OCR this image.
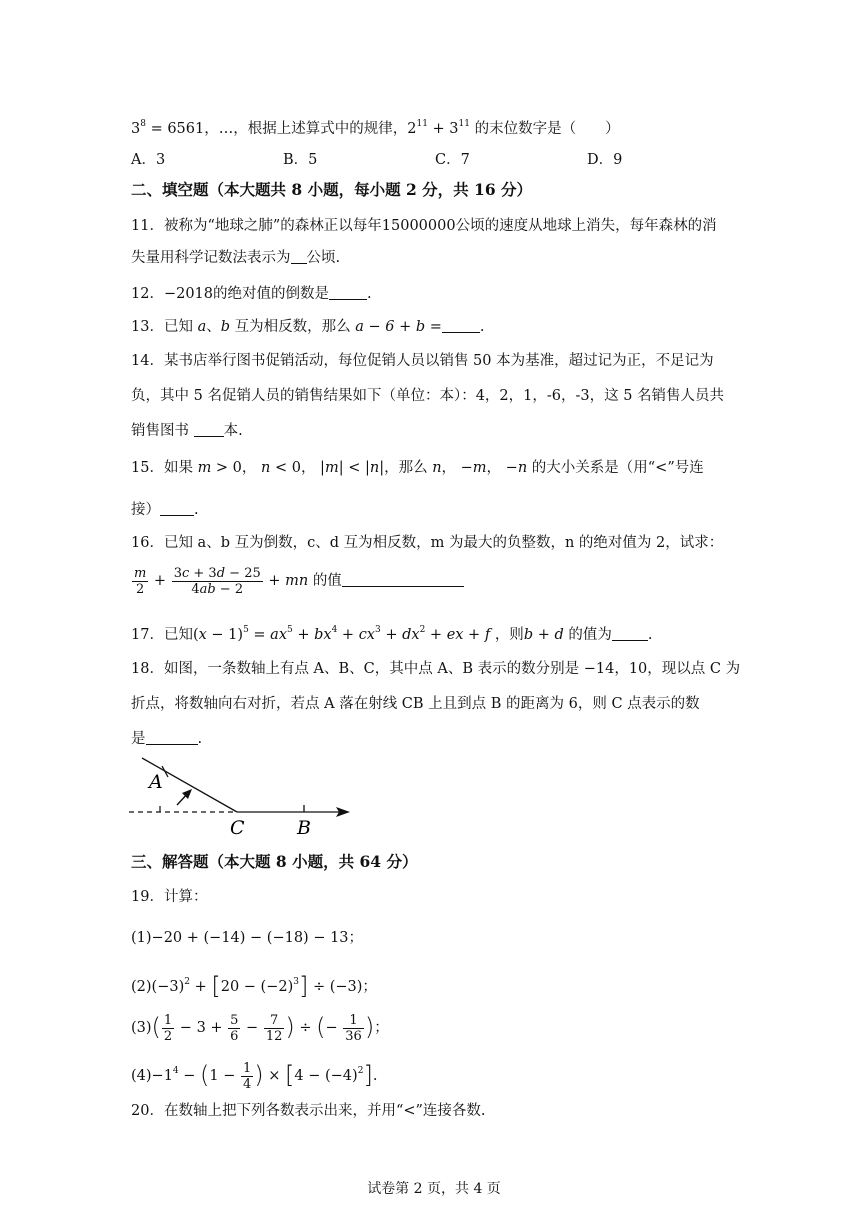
$3^8 = 6561$，…，根据上述算式中的规律，$2^{11} + 3^{11}$ 的末位数字是（　　）
A．3	B．5	C．7	D．9
二、填空题（本大题共 8 小题，每小题 2 分，共 16 分）
11．被称为“地球之肺”的森林正以每年15000000公顷的速度从地球上消失，每年森林的消
失量用科学记数法表示为 公顷.
12．−2018的绝对值的倒数是	.
13．已知 a、b 互为相反数，那么 a − 6 + b =	.
14．某书店举行图书促销活动，每位促销人员以销售 50 本为基准，超过记为正，不足记为
负，其中 5 名促销人员的销售结果如下（单位：本）：4，2，1，-6，-3，这 5 名销售人员共
销售图书 本.
15．如果 m > 0， n < 0， |m| < |n|，那么 n， −m， −n 的大小关系是（用“<”号连
接） .
16．已知 a、b 互为倒数，c、d 互为相反数，m 为最大的负整数，n 的绝对值为 2，试求：
$\frac{m}{2} + \frac{3c + 3d - 25}{4ab - 2}$ + mn 的值
17．已知$(x - 1)^5 = ax^5 + bx^4 + cx^3 + dx^2$ + ex + f ，则b + d 的值为 .
18．如图，一条数轴上有点 A、B、C，其中点 A、B 表示的数分别是 −14，10，现以点 C 为
折点，将数轴向右对折，若点 A 落在射线 CB 上且到点 B 的距离为 6，则 C 点表示的数
是	.
A
C	B
三、解答题（本大题 8 小题，共 64 分）
19．计算：
(1)−20 + (−14) − (−18) − 13；
$(2)(-3)^2 + [20 - (-2)^3] \div (-3)$；
$(3)( \frac{1}{2} - 3 + \frac{5}{6} - \frac{7}{12}$ ) ÷ (− $\frac{1}{36}$ )；
$(4)-1^4 - (1 - \frac{1}{4}$ ) × $[4 - (-4)^2]$.
20．在数轴上把下列各数表示出来，并用“<”连接各数.
试卷第 2 页，共 4 页
